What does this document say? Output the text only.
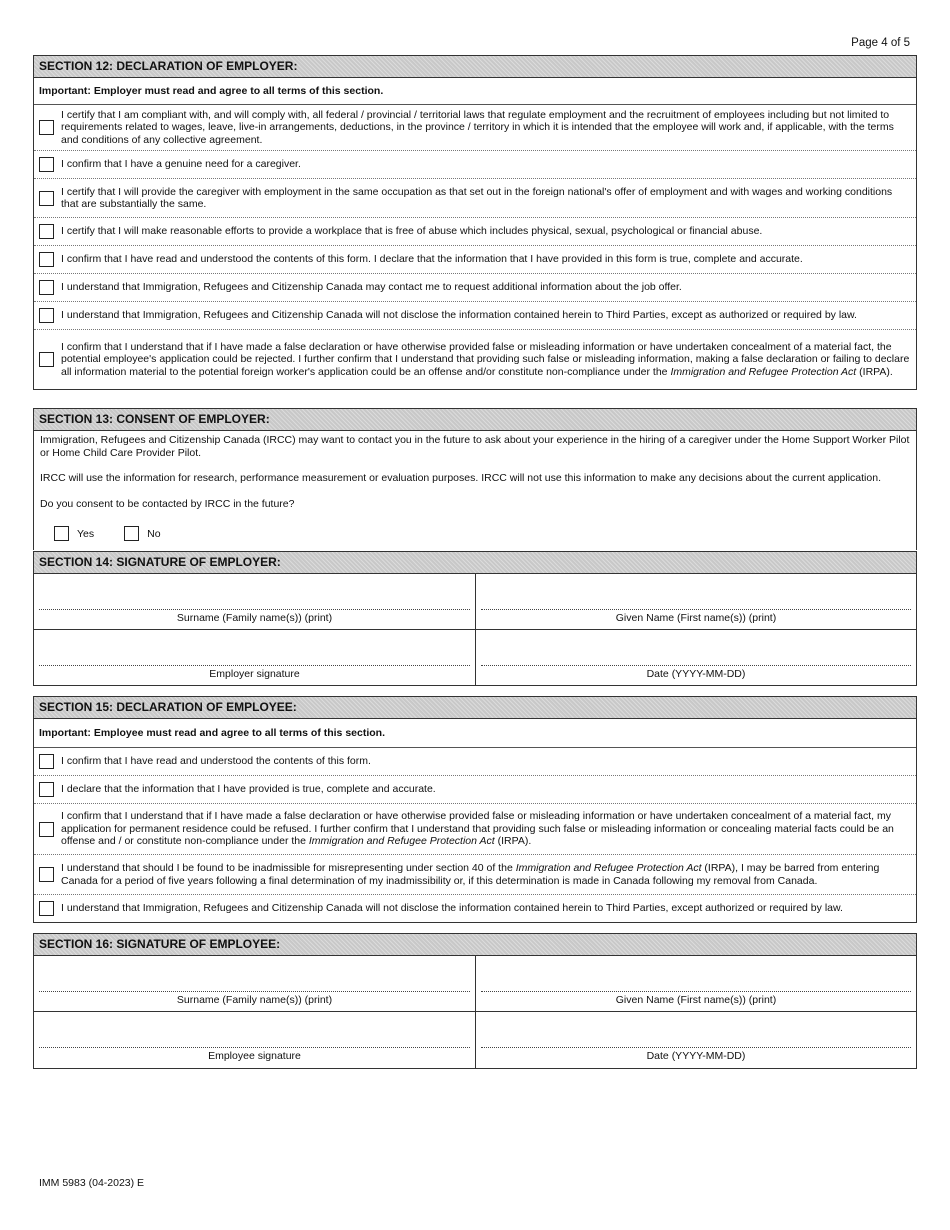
Page 4 of 5
SECTION 12: DECLARATION OF EMPLOYER:
Important: Employer must read and agree to all terms of this section.
I certify that I am compliant with, and will comply with, all federal / provincial / territorial laws that regulate employment and the recruitment of employees including but not limited to requirements related to wages, leave, live-in arrangements, deductions, in the province / territory in which it is intended that the employee will work and, if applicable, with the terms and conditions of any collective agreement.
I confirm that I have a genuine need for a caregiver.
I certify that I will provide the caregiver with employment in the same occupation as that set out in the foreign national's offer of employment and with wages and working conditions that are substantially the same.
I certify that I will make reasonable efforts to provide a workplace that is free of abuse which includes physical, sexual, psychological or financial abuse.
I confirm that I have read and understood the contents of this form. I declare that the information that I have provided in this form is true, complete and accurate.
I understand that Immigration, Refugees and Citizenship Canada may contact me to request additional information about the job offer.
I understand that Immigration, Refugees and Citizenship Canada will not disclose the information contained herein to Third Parties, except as authorized or required by law.
I confirm that I understand that if I have made a false declaration or have otherwise provided false or misleading information or have undertaken concealment of a material fact, the potential employee's application could be rejected. I further confirm that I understand that providing such false or misleading information, making a false declaration or failing to declare all information material to the potential foreign worker's application could be an offense and/or constitute non-compliance under the Immigration and Refugee Protection Act (IRPA).
SECTION 13: CONSENT OF EMPLOYER:
Immigration, Refugees and Citizenship Canada (IRCC) may want to contact you in the future to ask about your experience in the hiring of a caregiver under the Home Support Worker Pilot or Home Child Care Provider Pilot.
IRCC will use the information for research, performance measurement or evaluation purposes. IRCC will not use this information to make any decisions about the current application.
Do you consent to be contacted by IRCC in the future?
Yes	No
SECTION 14: SIGNATURE OF EMPLOYER:
Surname (Family name(s)) (print)	Given Name (First name(s)) (print)
Employer signature	Date (YYYY-MM-DD)
SECTION 15: DECLARATION OF EMPLOYEE:
Important: Employee must read and agree to all terms of this section.
I confirm that I have read and understood the contents of this form.
I declare that the information that I have provided is true, complete and accurate.
I confirm that I understand that if I have made a false declaration or have otherwise provided false or misleading information or have undertaken concealment of a material fact, my application for permanent residence could be refused. I further confirm that I understand that providing such false or misleading information or concealing material facts could be an offense and / or constitute non-compliance under the Immigration and Refugee Protection Act (IRPA).
I understand that should I be found to be inadmissible for misrepresenting under section 40 of the Immigration and Refugee Protection Act (IRPA), I may be barred from entering Canada for a period of five years following a final determination of my inadmissibility or, if this determination is made in Canada following my removal from Canada.
I understand that Immigration, Refugees and Citizenship Canada will not disclose the information contained herein to Third Parties, except authorized or required by law.
SECTION 16: SIGNATURE OF EMPLOYEE:
Surname (Family name(s)) (print)	Given Name (First name(s)) (print)
Employee signature	Date (YYYY-MM-DD)
IMM 5983 (04-2023) E
